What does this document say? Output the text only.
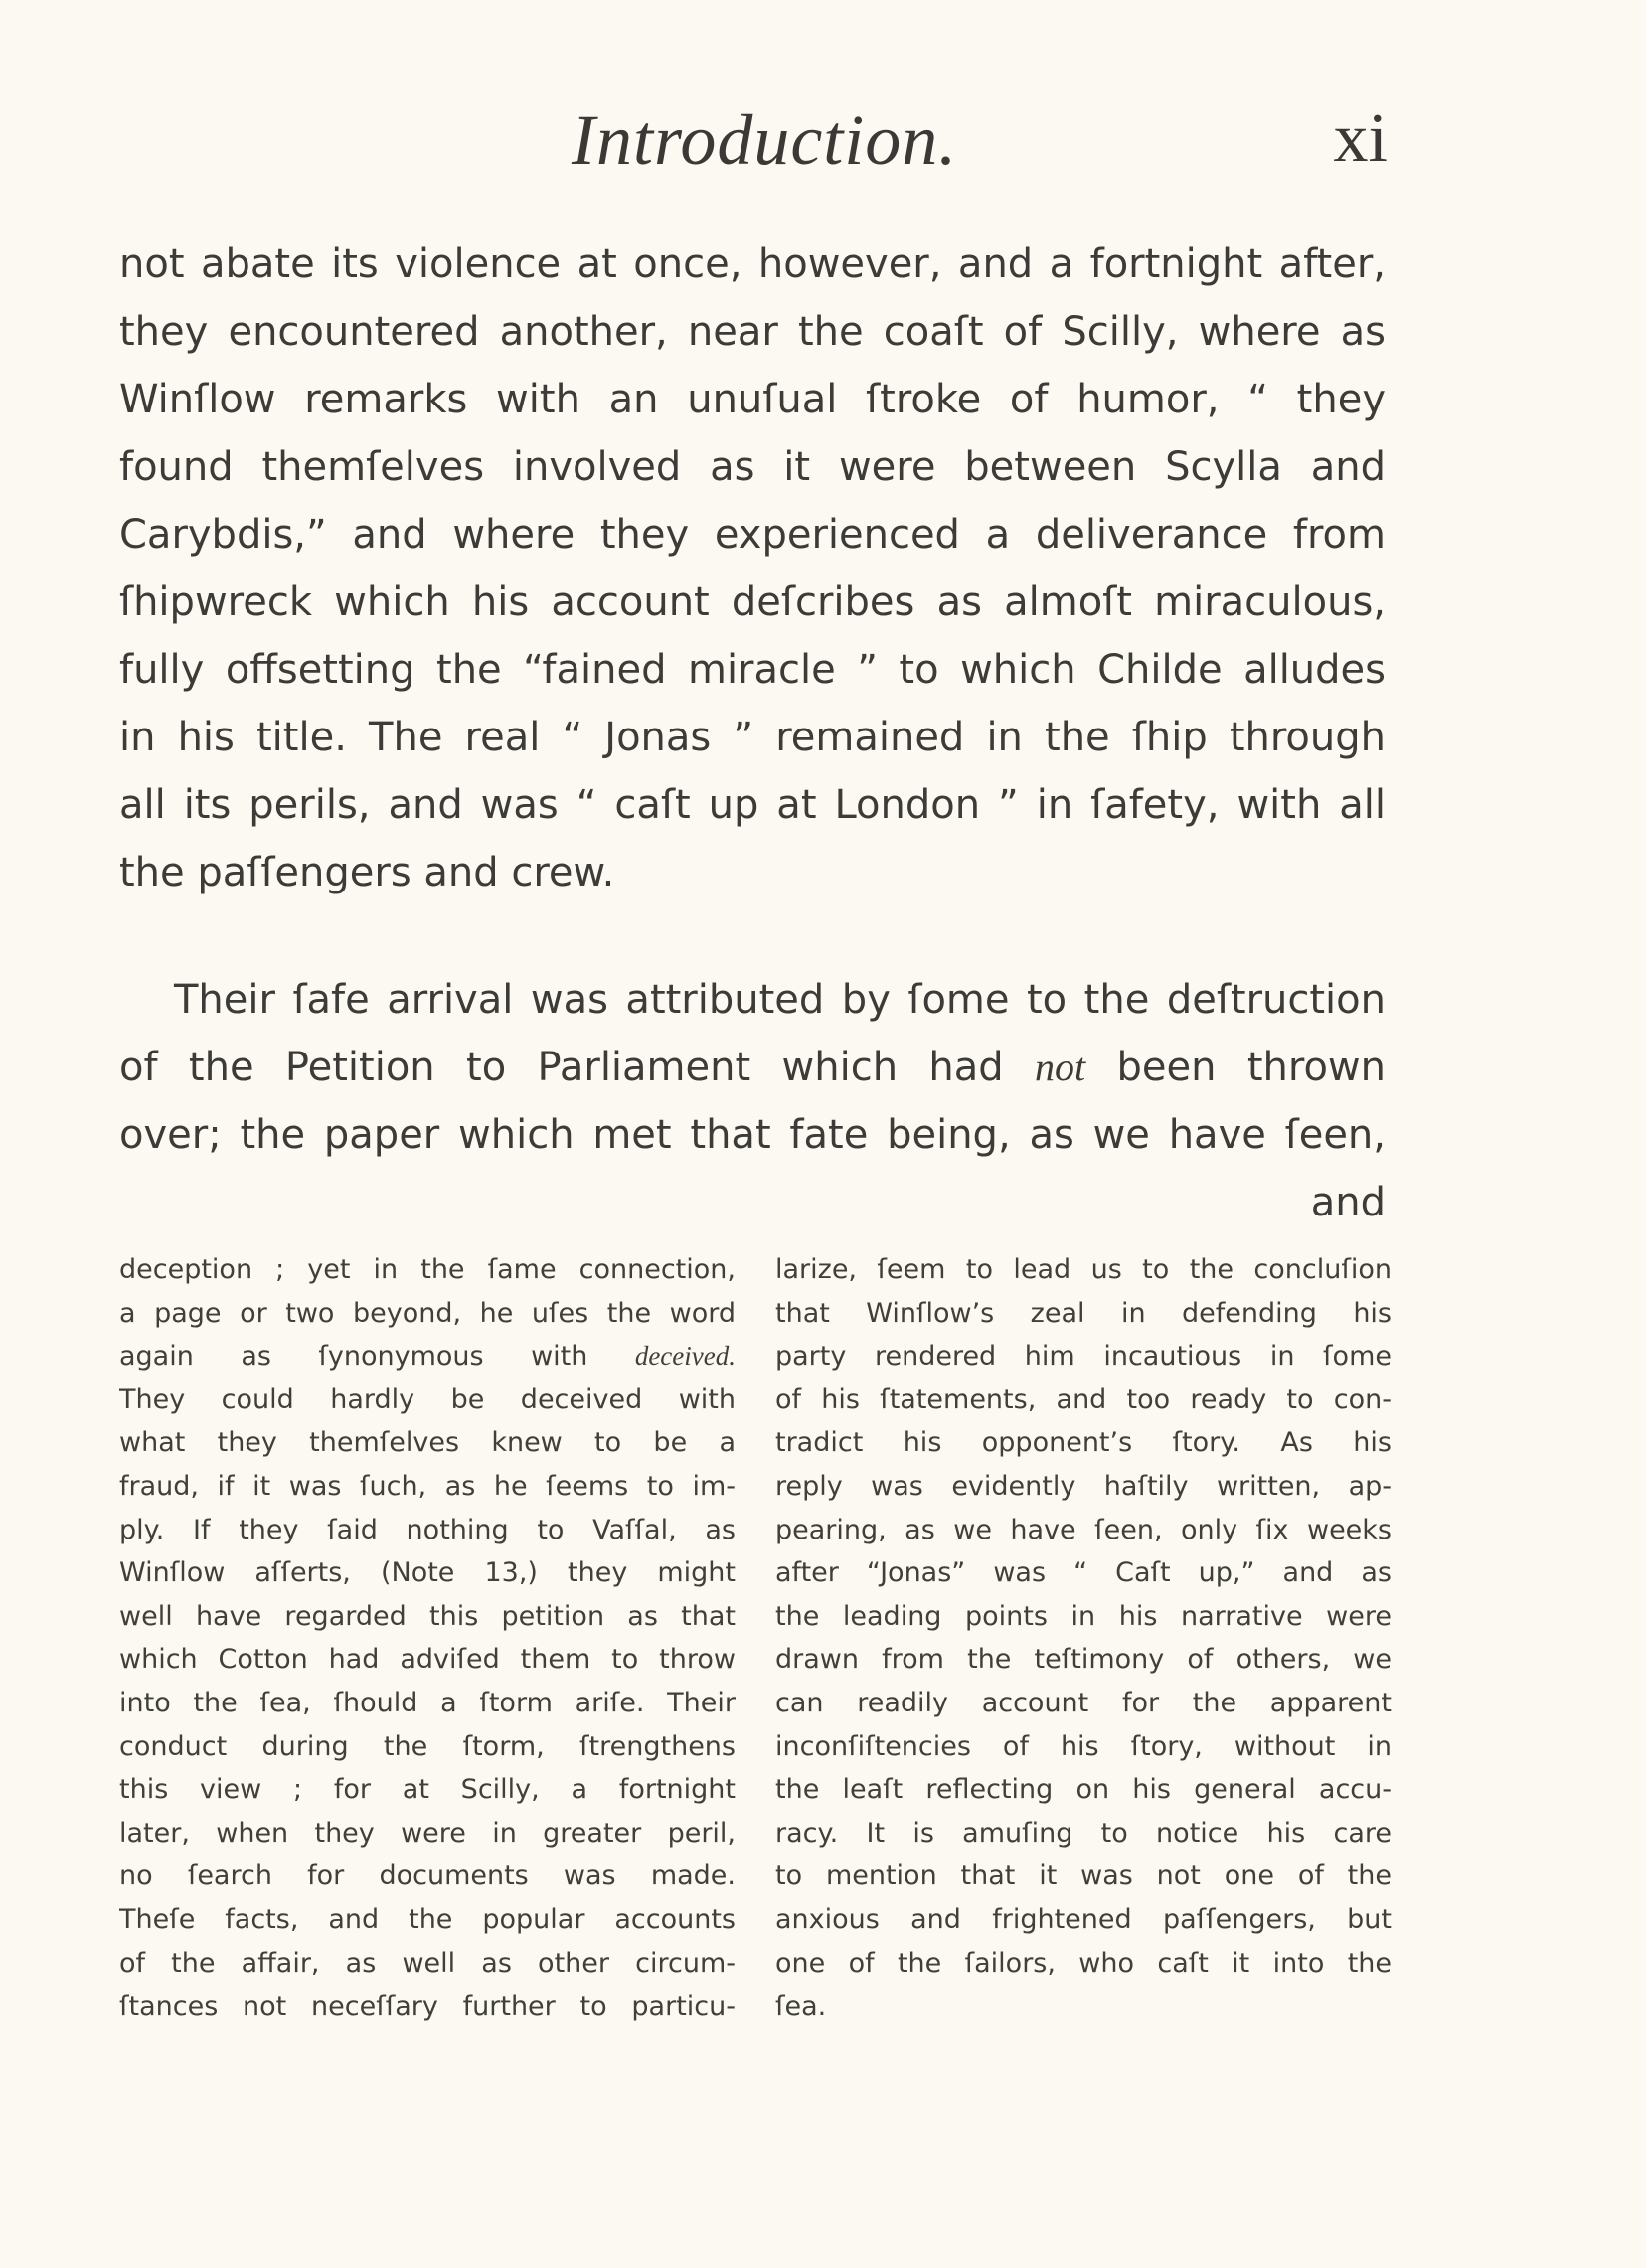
Introduction.	xi
not abate its violence at once, however, and a fortnight after,
they encountered another, near the coaſt of Scilly, where as
Winſlow remarks with an unuſual ſtroke of humor, “ they
found themſelves involved as it were between Scylla and
Carybdis,” and where they experienced a deliverance from
ſhipwreck which his account deſcribes as almoſt miraculous,
fully offsetting the “fained miracle ” to which Childe alludes
in his title. The real “ Jonas ” remained in the ſhip through
all its perils, and was “ caſt up at London ” in ſafety, with all
the paſſengers and crew.
Their ſafe arrival was attributed by ſome to the deſtruction
of the Petition to Parliament which had not been thrown
over; the paper which met that fate being, as we have ſeen,
and
deception ; yet in the ſame connection,
a page or two beyond, he uſes the word
again as ſynonymous with deceived.
They could hardly be deceived with
what they themſelves knew to be a
fraud, if it was ſuch, as he ſeems to im-
ply. If they ſaid nothing to Vaſſal, as
Winſlow aſſerts, (Note 13,) they might
well have regarded this petition as that
which Cotton had adviſed them to throw
into the ſea, ſhould a ſtorm ariſe. Their
conduct during the ſtorm, ſtrengthens
this view ; for at Scilly, a fortnight
later, when they were in greater peril,
no ſearch for documents was made.
Theſe facts, and the popular accounts
of the affair, as well as other circum-
ſtances not neceſſary further to particu-
larize, ſeem to lead us to the concluſion
that Winſlow’s zeal in defending his
party rendered him incautious in ſome
of his ſtatements, and too ready to con-
tradict his opponent’s ſtory. As his
reply was evidently haſtily written, ap-
pearing, as we have ſeen, only ſix weeks
after “Jonas” was “ Caſt up,” and as
the leading points in his narrative were
drawn from the teſtimony of others, we
can readily account for the apparent
inconſiſtencies of his ſtory, without in
the leaſt reflecting on his general accu-
racy. It is amuſing to notice his care
to mention that it was not one of the
anxious and frightened paſſengers, but
one of the ſailors, who caſt it into the
ſea.
